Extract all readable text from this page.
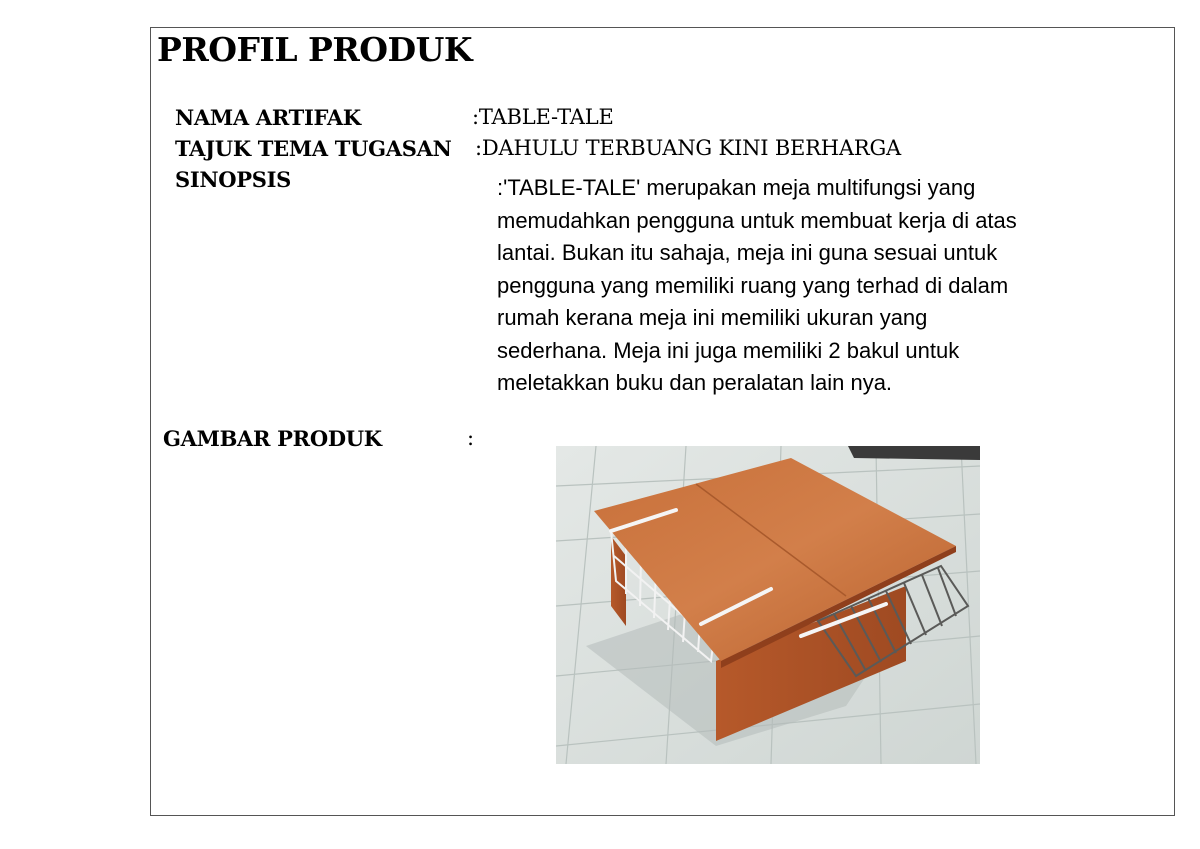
PROFIL PRODUK
NAMA ARTIFAK	:TABLE-TALE
TAJUK TEMA TUGASAN :DAHULU TERBUANG KINI BERHARGA
SINOPSIS	:'TABLE-TALE' merupakan meja multifungsi yang
memudahkan pengguna untuk membuat kerja di atas
lantai. Bukan itu sahaja, meja ini guna sesuai untuk
pengguna yang memiliki ruang yang terhad di dalam
rumah kerana meja ini memiliki ukuran yang
sederhana. Meja ini juga memiliki 2 bakul untuk
meletakkan buku dan peralatan lain nya.
GAMBAR PRODUK	:
